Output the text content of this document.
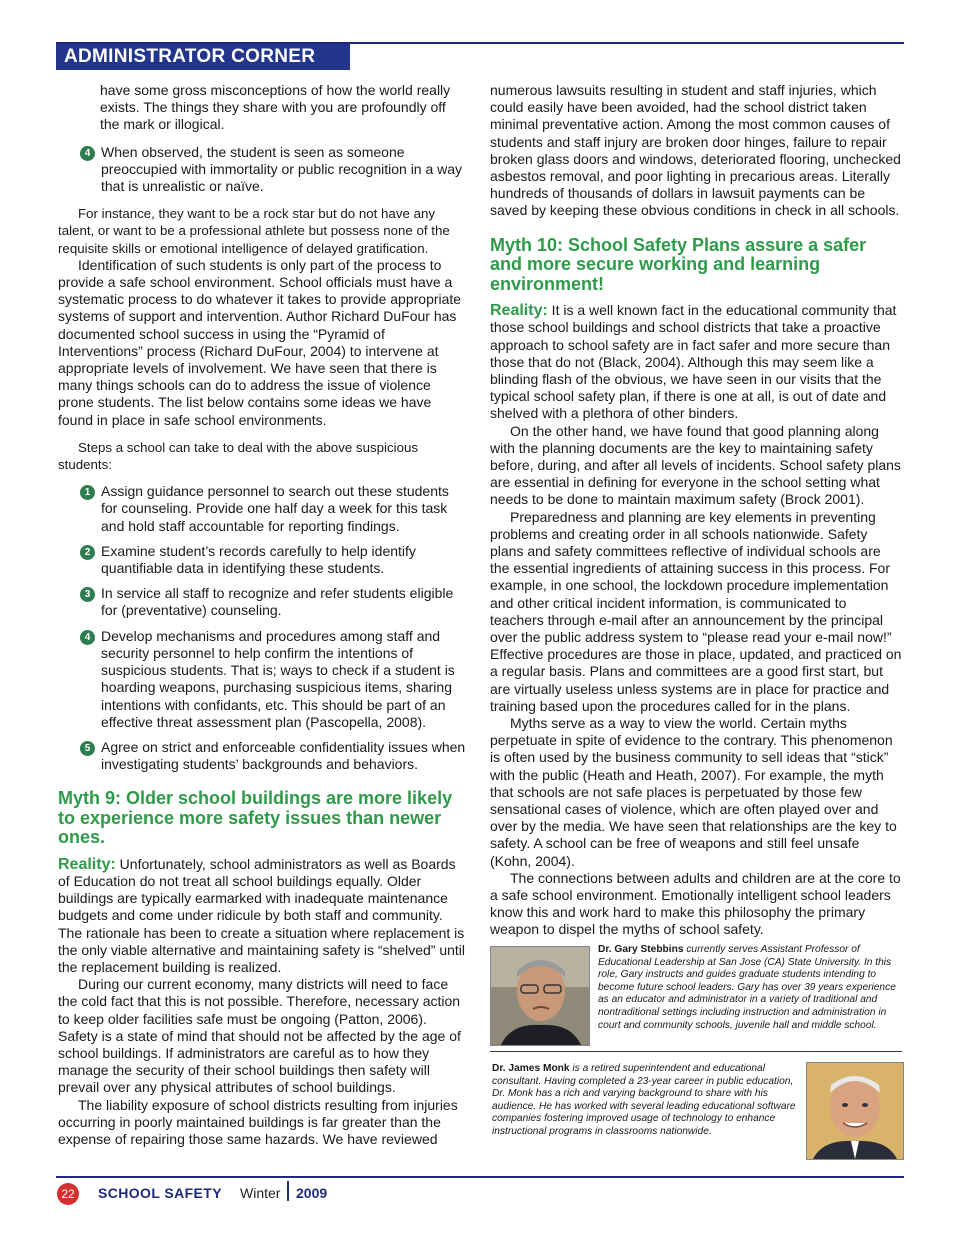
ADMINISTRATOR CORNER

have some gross misconceptions of how the world really exists. The things they share with you are profoundly off the mark or illogical.

4 When observed, the student is seen as someone preoccupied with immortality or public recognition in a way that is unrealistic or naïve.

For instance, they want to be a rock star but do not have any talent, or want to be a professional athlete but possess none of the requisite skills or emotional intelligence of delayed gratification.

Identification of such students is only part of the process to provide a safe school environment. School officials must have a systematic process to do whatever it takes to provide appropriate systems of support and intervention. Author Richard DuFour has documented school success in using the “Pyramid of Interventions” process (Richard DuFour, 2004) to intervene at appropriate levels of involvement. We have seen that there is many things schools can do to address the issue of violence prone students. The list below contains some ideas we have found in place in safe school environments.

Steps a school can take to deal with the above suspicious students:

1 Assign guidance personnel to search out these students for counseling. Provide one half day a week for this task and hold staff accountable for reporting findings.
2 Examine student’s records carefully to help identify quantifiable data in identifying these students.
3 In service all staff to recognize and refer students eligible for (preventative) counseling.
4 Develop mechanisms and procedures among staff and security personnel to help confirm the intentions of suspicious students. That is; ways to check if a student is hoarding weapons, purchasing suspicious items, sharing intentions with confidants, etc. This should be part of an effective threat assessment plan (Pascopella, 2008).
5 Agree on strict and enforceable confidentiality issues when investigating students’ backgrounds and behaviors.
Myth 9: Older school buildings are more likely to experience more safety issues than newer ones.

Reality: Unfortunately, school administrators as well as Boards of Education do not treat all school buildings equally. Older buildings are typically earmarked with inadequate maintenance budgets and come under ridicule by both staff and community. The rationale has been to create a situation where replacement is the only viable alternative and maintaining safety is “shelved” until the replacement building is realized.

During our current economy, many districts will need to face the cold fact that this is not possible. Therefore, necessary action to keep older facilities safe must be ongoing (Patton, 2006). Safety is a state of mind that should not be affected by the age of school buildings. If administrators are careful as to how they manage the security of their school buildings then safety will prevail over any physical attributes of school buildings.

The liability exposure of school districts resulting from injuries occurring in poorly maintained buildings is far greater than the expense of repairing those same hazards. We have reviewed

numerous lawsuits resulting in student and staff injuries, which could easily have been avoided, had the school district taken minimal preventative action. Among the most common causes of students and staff injury are broken door hinges, failure to repair broken glass doors and windows, deteriorated flooring, unchecked asbestos removal, and poor lighting in precarious areas. Literally hundreds of thousands of dollars in lawsuit payments can be saved by keeping these obvious conditions in check in all schools.

Myth 10: School Safety Plans assure a safer and more secure working and learning environment!

Reality: It is a well known fact in the educational community that those school buildings and school districts that take a proactive approach to school safety are in fact safer and more secure than those that do not (Black, 2004). Although this may seem like a blinding flash of the obvious, we have seen in our visits that the typical school safety plan, if there is one at all, is out of date and shelved with a plethora of other binders.

On the other hand, we have found that good planning along with the planning documents are the key to maintaining safety before, during, and after all levels of incidents. School safety plans are essential in defining for everyone in the school setting what needs to be done to maintain maximum safety (Brock 2001).

Preparedness and planning are key elements in preventing problems and creating order in all schools nationwide. Safety plans and safety committees reflective of individual schools are the essential ingredients of attaining success in this process. For example, in one school, the lockdown procedure implementation and other critical incident information, is communicated to teachers through e-mail after an announcement by the principal over the public address system to “please read your e-mail now!” Effective procedures are those in place, updated, and practiced on a regular basis. Plans and committees are a good first start, but are virtually useless unless systems are in place for practice and training based upon the procedures called for in the plans.

Myths serve as a way to view the world. Certain myths perpetuate in spite of evidence to the contrary. This phenomenon is often used by the business community to sell ideas that “stick” with the public (Heath and Heath, 2007). For example, the myth that schools are not safe places is perpetuated by those few sensational cases of violence, which are often played over and over by the media. We have seen that relationships are the key to safety. A school can be free of weapons and still feel unsafe (Kohn, 2004).

The connections between adults and children are at the core to a safe school environment. Emotionally intelligent school leaders know this and work hard to make this philosophy the primary weapon to dispel the myths of school safety.

Dr. Gary Stebbins currently serves Assistant Professor of Educational Leadership at San Jose (CA) State University. In this role, Gary instructs and guides graduate students intending to become future school leaders. Gary has over 39 years experience as an educator and administrator in a variety of traditional and nontraditional settings including instruction and administration in court and community schools, juvenile hall and middle school.
Dr. James Monk is a retired superintendent and educational consultant. Having completed a 23-year career in public education, Dr. Monk has a rich and varying background to share with his audience. He has worked with several leading educational software companies fostering improved usage of technology to enhance instructional programs in classrooms nationwide.
22	SCHOOL SAFETY Winter 2009
